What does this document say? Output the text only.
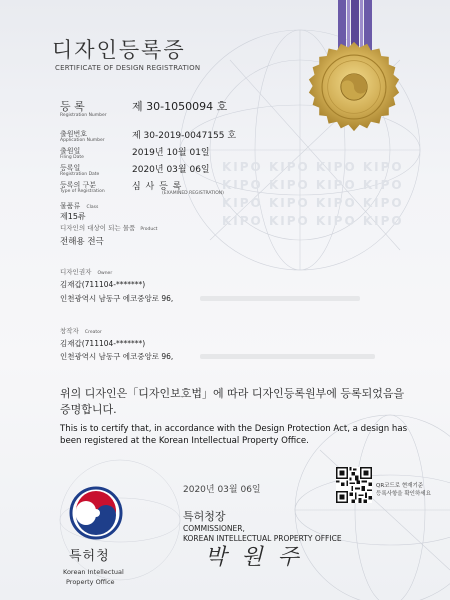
KIPO KIPO KIPO KIPO
KIPO KIPO KIPO KIPO
KIPO KIPO KIPO KIPO
KIPO KIPO KIPO KIPO
디자인등록증
CERTIFICATE OF DESIGN REGISTRATION
등 록
Registration Number
제 30-1050094 호
출원번호
Application Number	제 30-2019-0047155 호
출원일
Filing Date	2019년 10월 01일
등록일
Registration Date	2020년 03월 06일
등록의 구분
Type of Registration	심 사 등 록
(EXAMINED REGISTRATION)
물품류 Class
제15류
디자인의 대상이 되는 물품 Product
전해용 전극
디자인권자 Owner
김재갑(711104-*******)
인천광역시 남동구 에코중앙로 96,
창작자 Creator
김재갑(711104-*******)
인천광역시 남동구 에코중앙로 96,
위의 디자인은「디자인보호법」에 따라 디자인등록원부에 등록되었음을 증명합니다.
This is to certify that, in accordance with the Design Protection Act, a design has been registered at the Korean Intellectual Property Office.
2020년 03월 06일
특허청장
COMMISSIONER,
KOREAN INTELLECTUAL PROPERTY OFFICE
박 원 주
QR코드로 현재기준
등록사항을 확인하세요
특허청
Korean Intellectual
Property Office
